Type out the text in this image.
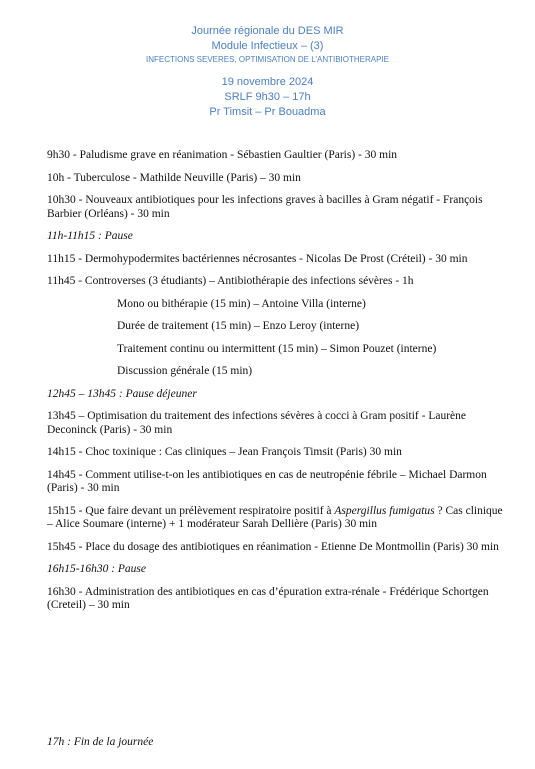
Journée régionale du DES MIR
Module Infectieux – (3)
INFECTIONS SEVERES, OPTIMISATION DE L’ANTIBIOTHERAPIE
19 novembre 2024
SRLF 9h30 – 17h
Pr Timsit – Pr Bouadma

9h30 - Paludisme grave en réanimation - Sébastien Gaultier (Paris) - 30 min

10h - Tuberculose - Mathilde Neuville (Paris) – 30 min

10h30 - Nouveaux antibiotiques pour les infections graves à bacilles à Gram négatif - François Barbier (Orléans) - 30 min

11h-11h15 : Pause

11h15 - Dermohypodermites bactériennes nécrosantes - Nicolas De Prost (Créteil) - 30 min

11h45 - Controverses (3 étudiants) – Antibiothérapie des infections sévères - 1h

Mono ou bithérapie (15 min) – Antoine Villa (interne)

Durée de traitement (15 min) – Enzo Leroy (interne)

Traitement continu ou intermittent (15 min) – Simon Pouzet (interne)

Discussion générale (15 min)

12h45 – 13h45 : Pause déjeuner

13h45 – Optimisation du traitement des infections sévères à cocci à Gram positif - Laurène Deconinck (Paris) - 30 min

14h15 - Choc toxinique : Cas cliniques – Jean François Timsit (Paris) 30 min

14h45 - Comment utilise-t-on les antibiotiques en cas de neutropénie fébrile – Michael Darmon (Paris) - 30 min

15h15 - Que faire devant un prélèvement respiratoire positif à Aspergillus fumigatus ? Cas clinique – Alice Soumare (interne) + 1 modérateur Sarah Dellière (Paris) 30 min

15h45 - Place du dosage des antibiotiques en réanimation - Etienne De Montmollin (Paris) 30 min

16h15-16h30 : Pause

16h30 - Administration des antibiotiques en cas d’épuration extra-rénale - Frédérique Schortgen (Creteil) – 30 min

17h : Fin de la journée
